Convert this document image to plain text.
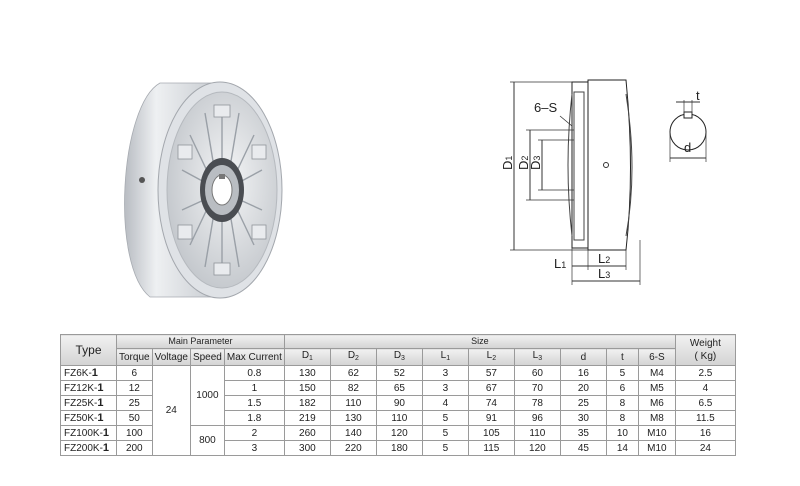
6–S
D1
D2
D3
L1 L2
L3
t
d
Type	Main Parameter				Size									Weight
( Kg)

	Torque	Voltage	Speed	Max Current	$D_1$	$D_2$	$D_3$	$L_1$	$L_2$	$L_3$	d	t	6-S	
FZ6K-1	6	24	1000	0.8	130	62	52	3	57	60	16	5	M4	2.5
FZ12K-1	12			1	150	82	65	3	67	70	20	6	M5	4
FZ25K-1	25			1.5	182	110	90	4	74	78	25	8	M6	6.5
FZ50K-1	50			1.8	219	130	110	5	91	96	30	8	M8	11.5
FZ100K-1	100		800	2	260	140	120	5	105	110	35	10	M10	16
FZ200K-1	200			3	300	220	180	5	115	120	45	14	M10	24
